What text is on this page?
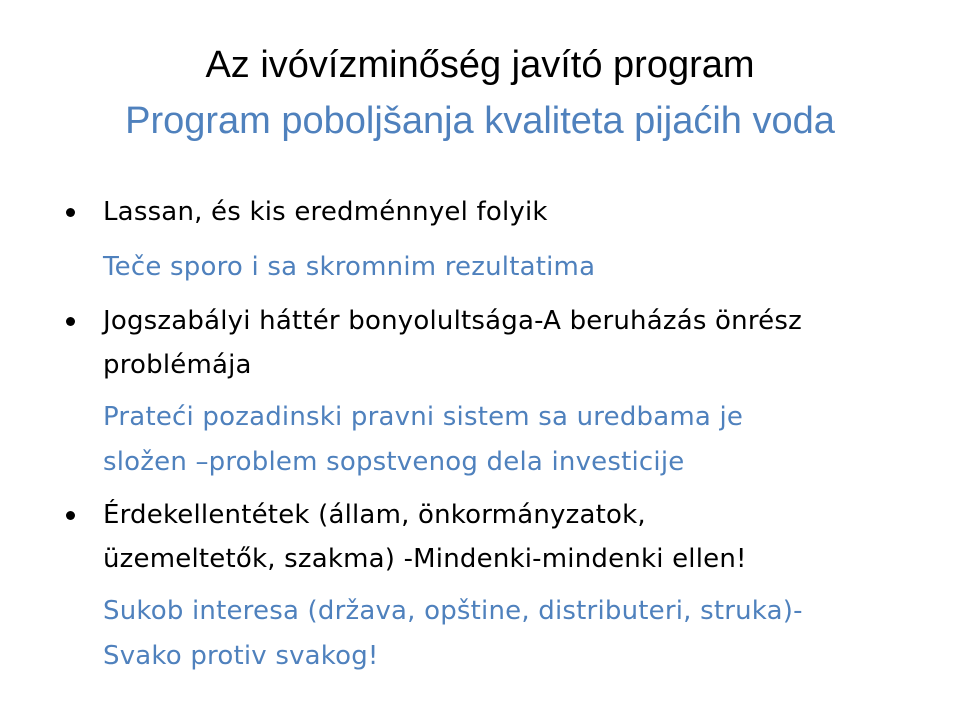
Az ivóvízminőség javító program
Program poboljšanja kvaliteta pijaćih voda
Lassan, és kis eredménnyel folyik
Teče sporo i sa skromnim rezultatima
Jogszabályi háttér bonyolultsága-A beruházás önrész
problémája
Prateći pozadinski pravni sistem sa uredbama je
složen –problem sopstvenog dela investicije
Érdekellentétek (állam, önkormányzatok,
üzemeltetők, szakma) -Mindenki-mindenki ellen!
Sukob interesa (država, opštine, distributeri, struka)-
Svako protiv svakog!
